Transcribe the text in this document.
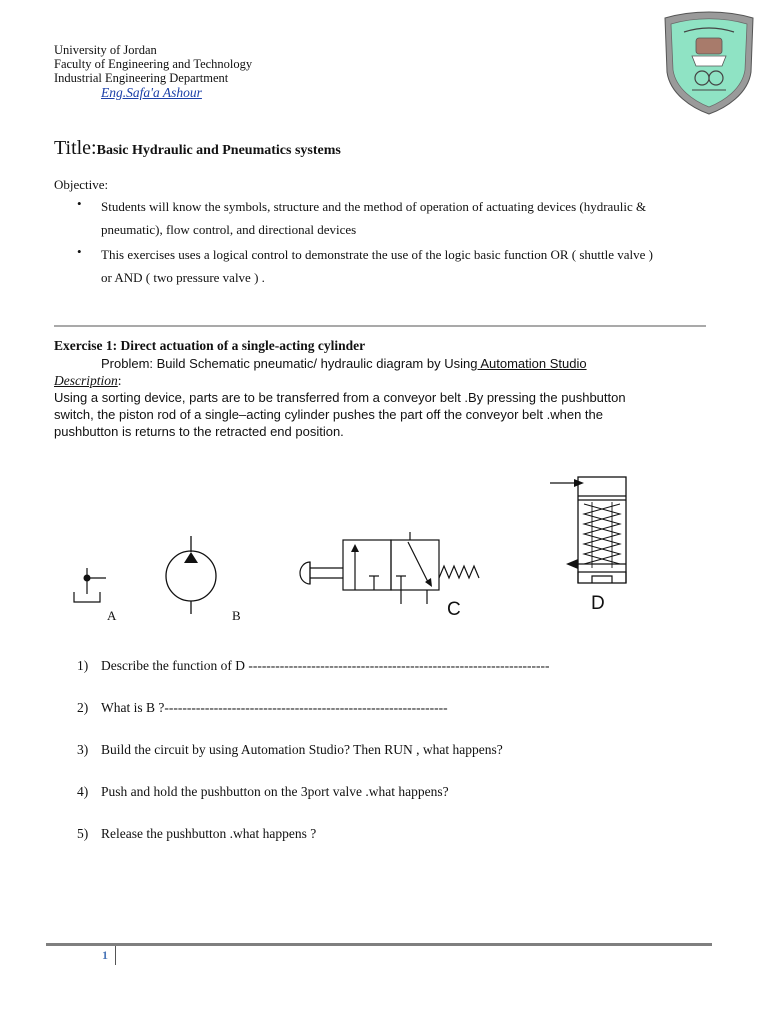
University of Jordan
Faculty of Engineering and Technology
Industrial Engineering Department
Eng.Safa'a Ashour
Title:Basic Hydraulic and Pneumatics systems
Objective:
• Students will know the symbols, structure and the method of operation of actuating devices (hydraulic &
pneumatic), flow control, and directional devices
• This exercises uses a logical control to demonstrate the use of the logic basic function OR ( shuttle valve )
or AND ( two pressure valve ) .
Exercise 1: Direct actuation of a single-acting cylinder
Problem: Build Schematic pneumatic/ hydraulic diagram by Using Automation Studio
Description:
Using a sorting device, parts are to be transferred from a conveyor belt .By pressing the pushbutton
switch, the piston rod of a single–acting cylinder pushes the part off the conveyor belt .when the
pushbutton is returns to the retracted end position.
A	B	C	D
1) Describe the function of D -------------------------------------------------------------------
2) What is B ?---------------------------------------------------------------
3) Build the circuit by using Automation Studio? Then RUN , what happens?
4) Push and hold the pushbutton on the 3port valve .what happens?
5) Release the pushbutton .what happens ?
1
